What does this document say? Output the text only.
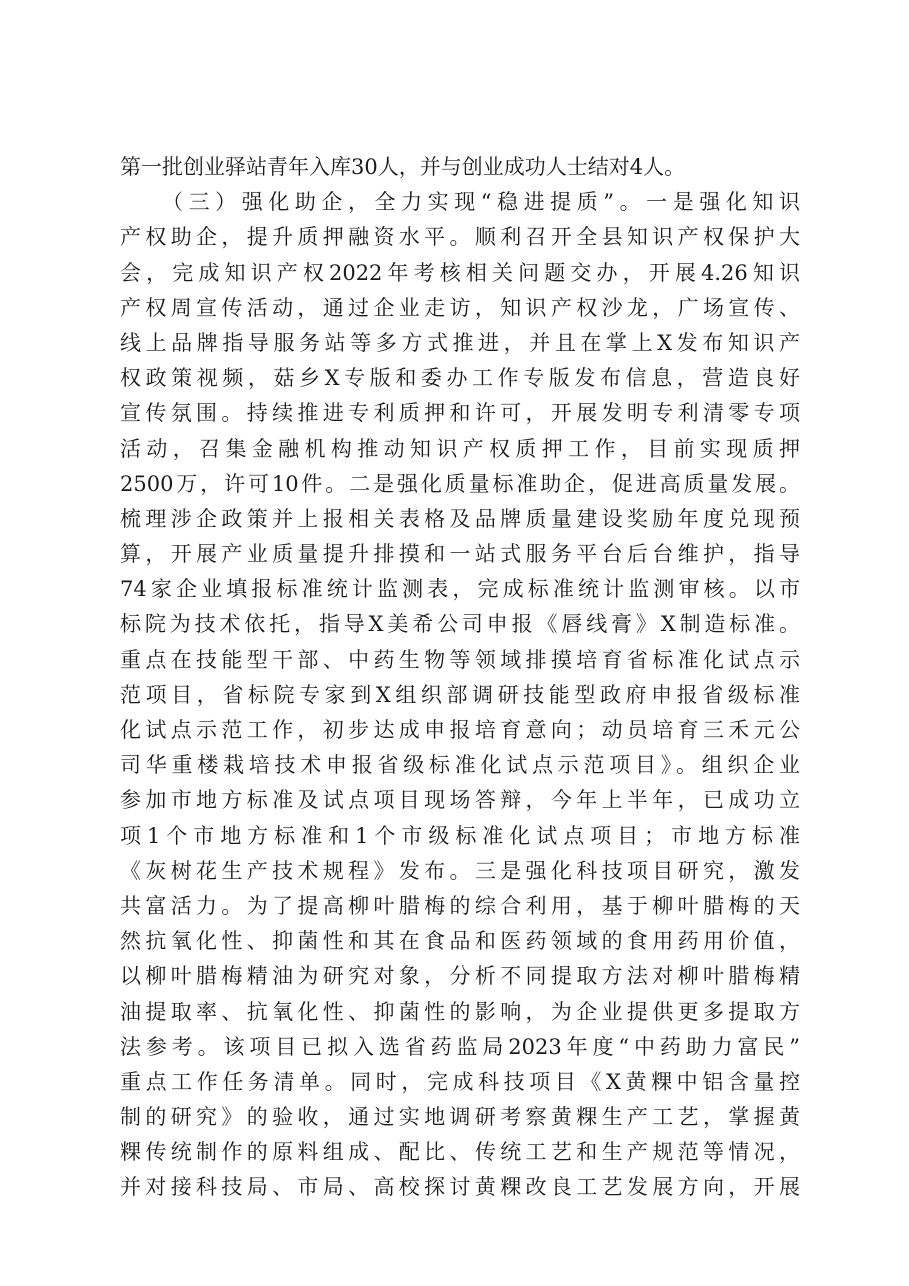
第一批创业驿站青年入库30人，并与创业成功人士结对4人。
（三）强化助企，全力实现“稳进提质”。一是强化知识
产权助企，提升质押融资水平。顺利召开全县知识产权保护大
会，完成知识产权2022年考核相关问题交办，开展4.26知识
产权周宣传活动，通过企业走访，知识产权沙龙，广场宣传、
线上品牌指导服务站等多方式推进，并且在掌上X发布知识产
权政策视频，菇乡X专版和委办工作专版发布信息，营造良好
宣传氛围。持续推进专利质押和许可，开展发明专利清零专项
活动，召集金融机构推动知识产权质押工作，目前实现质押
2500万，许可10件。二是强化质量标准助企，促进高质量发展。
梳理涉企政策并上报相关表格及品牌质量建设奖励年度兑现预
算，开展产业质量提升排摸和一站式服务平台后台维护，指导
74家企业填报标准统计监测表，完成标准统计监测审核。以市
标院为技术依托，指导X美希公司申报《唇线膏》X制造标准。
重点在技能型干部、中药生物等领域排摸培育省标准化试点示
范项目，省标院专家到X组织部调研技能型政府申报省级标准
化试点示范工作，初步达成申报培育意向；动员培育三禾元公
司华重楼栽培技术申报省级标准化试点示范项目》。组织企业
参加市地方标准及试点项目现场答辩，今年上半年，已成功立
项1个市地方标准和1个市级标准化试点项目；市地方标准
《灰树花生产技术规程》发布。三是强化科技项目研究，激发
共富活力。为了提高柳叶腊梅的综合利用，基于柳叶腊梅的天
然抗氧化性、抑菌性和其在食品和医药领域的食用药用价值，
以柳叶腊梅精油为研究对象，分析不同提取方法对柳叶腊梅精
油提取率、抗氧化性、抑菌性的影响，为企业提供更多提取方
法参考。该项目已拟入选省药监局2023年度“中药助力富民”
重点工作任务清单。同时，完成科技项目《X黄粿中铝含量控
制的研究》的验收，通过实地调研考察黄粿生产工艺，掌握黄
粿传统制作的原料组成、配比、传统工艺和生产规范等情况，
并对接科技局、市局、高校探讨黄粿改良工艺发展方向，开展
